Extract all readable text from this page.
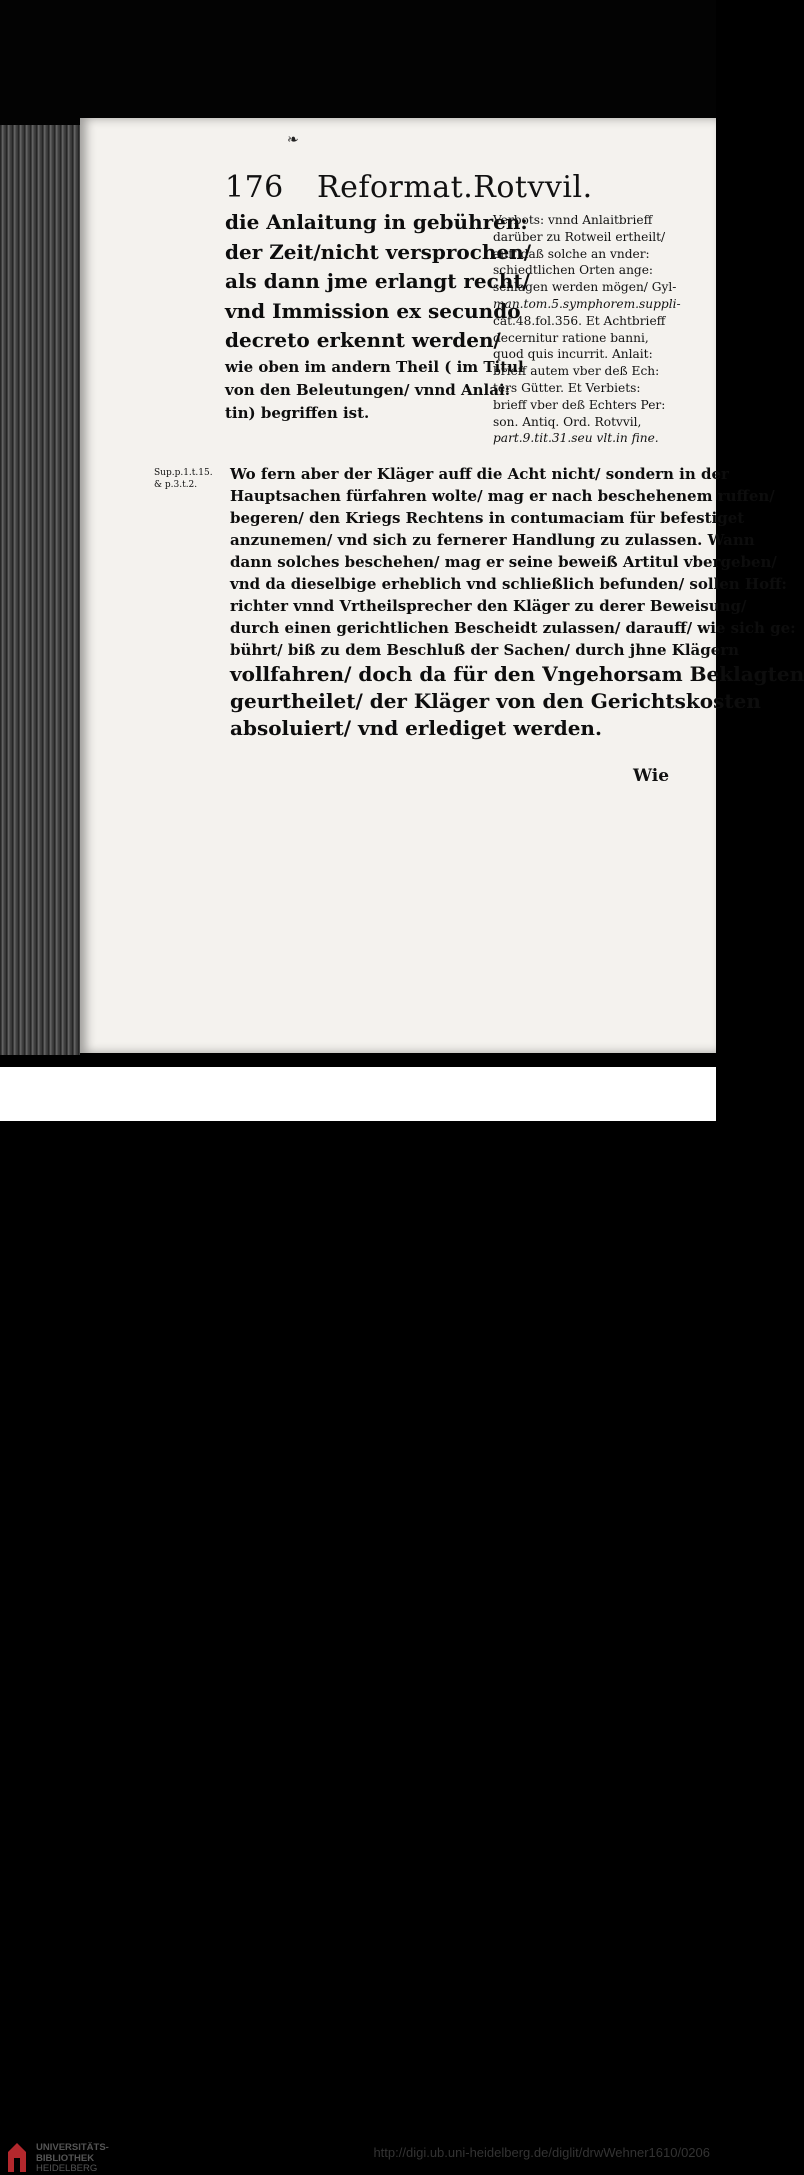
❧
176 Reformat.Rotvvil.
die Anlaitung in gebühren:
der Zeit/nicht versprochen/
als dann jme erlangt recht/
vnd Immission ex secundo
decreto erkennt werden/
wie oben im andern Theil ( im Titul
von den Beleutungen/ vnnd Anlai:
tin) begriffen ist.
Verbots: vnnd Anlaitbrieff
darüber zu Rotweil ertheilt/
auff daß solche an vnder:
schiedtlichen Orten ange:
schlagen werden mögen/ Gyl-
man.tom.5.symphorem.suppli-
cat.48.fol.356. Et Achtbrieff
decernitur ratione banni,
quod quis incurrit. Anlait:
brieff autem vber deß Ech:
ters Gütter. Et Verbiets:
brieff vber deß Echters Per:
son. Antiq. Ord. Rotvvil,
part.9.tit.31.seu vlt.in fine.
Sup.p.1.t.15.
& p.3.t.2.
Wo fern aber der Kläger auff die Acht nicht/ sondern in der
Hauptsachen fürfahren wolte/ mag er nach beschehenem ruffen/
begeren/ den Kriegs Rechtens in contumaciam für befestiget
anzunemen/ vnd sich zu fernerer Handlung zu zulassen. Wann
dann solches beschehen/ mag er seine beweiß Artitul vbergeben/
vnd da dieselbige erheblich vnd schließlich befunden/ sollen Hoff:
richter vnnd Vrtheilsprecher den Kläger zu derer Beweisung/
durch einen gerichtlichen Bescheidt zulassen/ darauff/ wie sich ge:
bührt/ biß zu dem Beschluß der Sachen/ durch jhne Klägern
vollfahren/ doch da für den Vngehorsam Beklagten
geurtheilet/ der Kläger von den Gerichtskosten
absoluiert/ vnd erlediget werden.
Wie
UNIVERSITÄTS-
BIBLIOTHEK
HEIDELBERG
http://digi.ub.uni-heidelberg.de/diglit/drwWehner1610/0206
